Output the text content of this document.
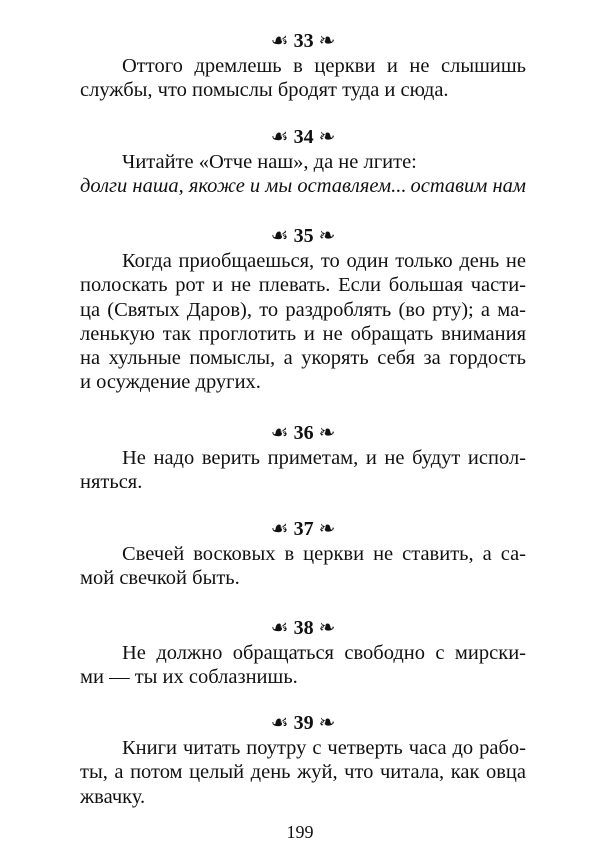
☙ 33 ❧
Оттого дремлешь в церкви и не слышишь
службы, что помыслы бродят туда и сюда.
☙ 34 ❧
Читайте «Отче наш», да не лгите:
оставим нам
долги наша, якоже и мы оставляем...
☙ 35 ❧
Когда приобщаешься, то один только день не
полоскать рот и не плевать. Если большая части-
ца (Святых Даров), то раздроблять (во рту); а ма-
ленькую так проглотить и не обращать внимания
на хульные помыслы, а укорять себя за гордость
и осуждение других.
☙ 36 ❧
Не надо верить приметам, и не будут испол-
няться.
☙ 37 ❧
Свечей восковых в церкви не ставить, а са-
мой свечкой быть.
☙ 38 ❧
Не должно обращаться свободно с мирски-
ми — ты их соблазнишь.
☙ 39 ❧
Книги читать поутру с четверть часа до рабо-
ты, а потом целый день жуй, что читала, как овца
жвачку.
199
